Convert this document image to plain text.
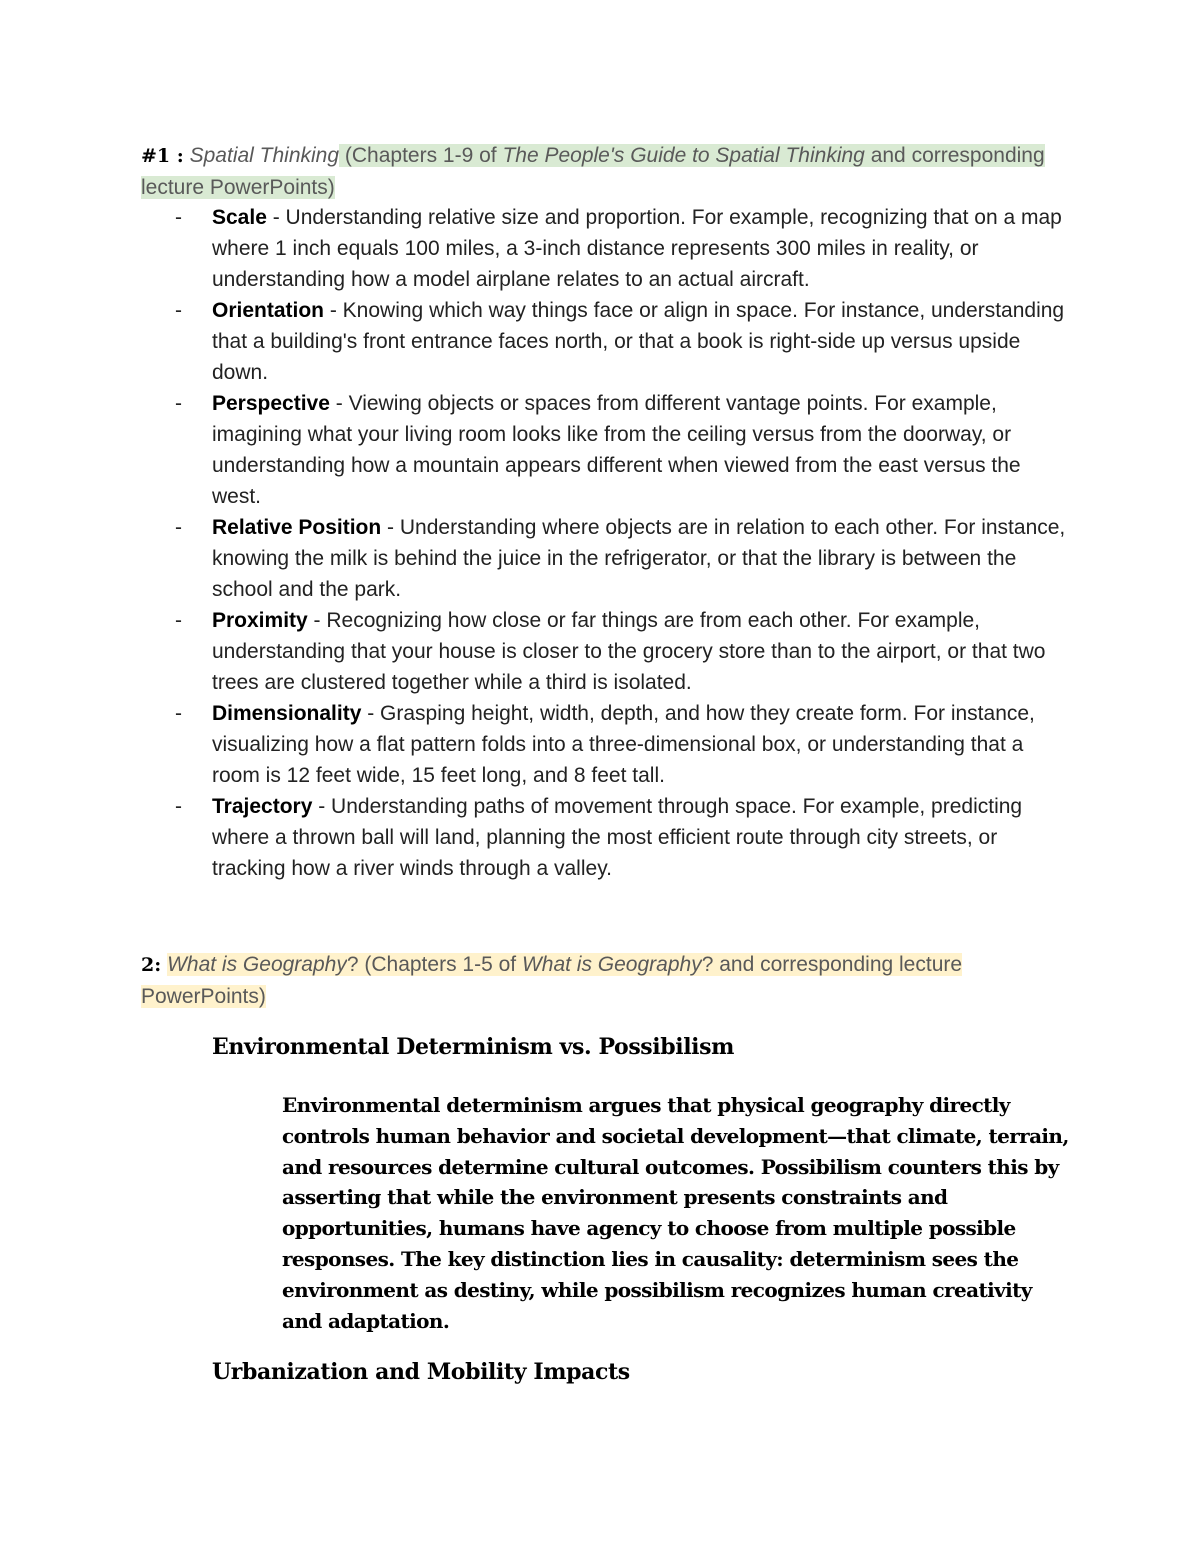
#1 : Spatial Thinking (Chapters 1-9 of The People's Guide to Spatial Thinking and corresponding lecture PowerPoints)
- Scale - Understanding relative size and proportion. For example, recognizing that on a map where 1 inch equals 100 miles, a 3-inch distance represents 300 miles in reality, or understanding how a model airplane relates to an actual aircraft.
- Orientation - Knowing which way things face or align in space. For instance, understanding that a building's front entrance faces north, or that a book is right-side up versus upside down.
- Perspective - Viewing objects or spaces from different vantage points. For example, imagining what your living room looks like from the ceiling versus from the doorway, or understanding how a mountain appears different when viewed from the east versus the west.
- Relative Position - Understanding where objects are in relation to each other. For instance, knowing the milk is behind the juice in the refrigerator, or that the library is between the school and the park.
- Proximity - Recognizing how close or far things are from each other. For example, understanding that your house is closer to the grocery store than to the airport, or that two trees are clustered together while a third is isolated.
- Dimensionality - Grasping height, width, depth, and how they create form. For instance, visualizing how a flat pattern folds into a three-dimensional box, or understanding that a room is 12 feet wide, 15 feet long, and 8 feet tall.
- Trajectory - Understanding paths of movement through space. For example, predicting where a thrown ball will land, planning the most efficient route through city streets, or tracking how a river winds through a valley.
2: What is Geography? (Chapters 1-5 of What is Geography? and corresponding lecture PowerPoints)
Environmental Determinism vs. Possibilism
Environmental determinism argues that physical geography directly controls human behavior and societal development—that climate, terrain, and resources determine cultural outcomes. Possibilism counters this by asserting that while the environment presents constraints and opportunities, humans have agency to choose from multiple possible responses. The key distinction lies in causality: determinism sees the environment as destiny, while possibilism recognizes human creativity and adaptation.
Urbanization and Mobility Impacts
